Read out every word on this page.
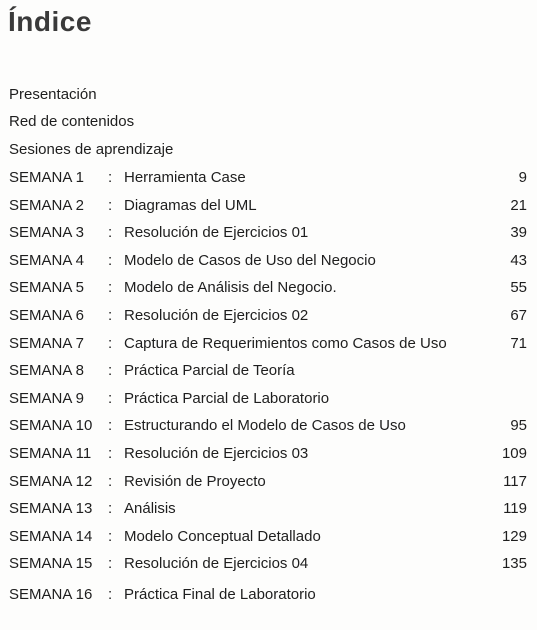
Índice
Presentación
Red de contenidos
Sesiones de aprendizaje
SEMANA 1 : Herramienta Case	9
SEMANA 2 : Diagramas del UML	21
SEMANA 3 : Resolución de Ejercicios 01	39
SEMANA 4 : Modelo de Casos de Uso del Negocio	43
SEMANA 5 : Modelo de Análisis del Negocio.	55
SEMANA 6 : Resolución de Ejercicios 02	67
SEMANA 7 : Captura de Requerimientos como Casos de Uso	71
SEMANA 8 : Práctica Parcial de Teoría
SEMANA 9 : Práctica Parcial de Laboratorio
SEMANA 10 : Estructurando el Modelo de Casos de Uso	95
SEMANA 11 : Resolución de Ejercicios 03	109
SEMANA 12 : Revisión de Proyecto	117
SEMANA 13 : Análisis	119
SEMANA 14 : Modelo Conceptual Detallado	129
SEMANA 15 : Resolución de Ejercicios 04	135
SEMANA 16 : Práctica Final de Laboratorio
